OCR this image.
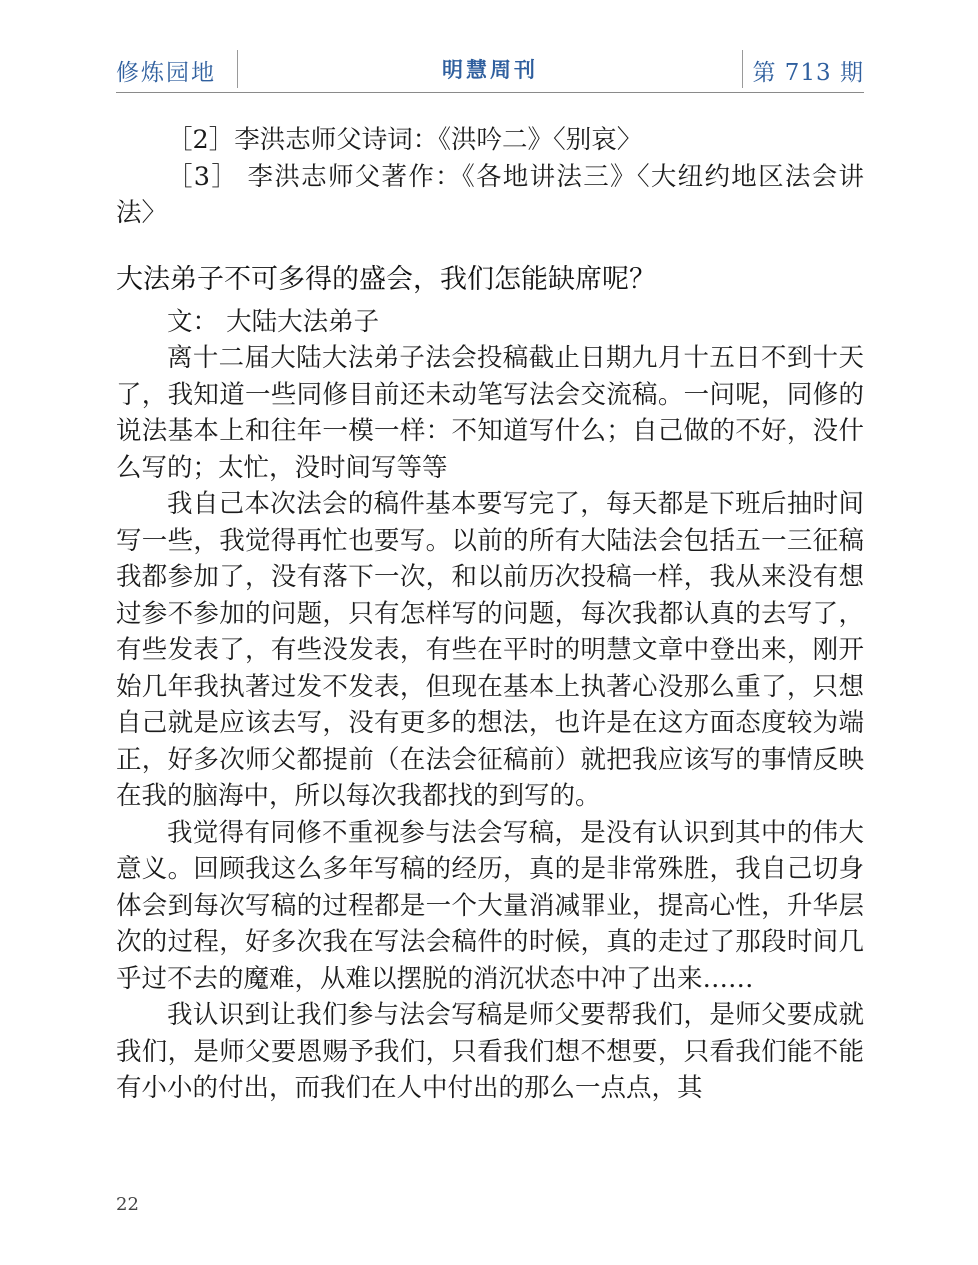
修炼园地	明慧周刊	第 713 期

［2］李洪志师父诗词：《洪吟二》〈别哀〉

［3］ 李洪志师父著作：《各地讲法三》〈大纽约地区法会讲法〉

大法弟子不可多得的盛会，我们怎能缺席呢？

文： 大陆大法弟子

离十二届大陆大法弟子法会投稿截止日期九月十五日不到十天了，我知道一些同修目前还未动笔写法会交流稿。一问呢，同修的说法基本上和往年一模一样：不知道写什么；自己做的不好，没什么写的；太忙，没时间写等等

我自己本次法会的稿件基本要写完了，每天都是下班后抽时间写一些，我觉得再忙也要写。以前的所有大陆法会包括五一三征稿我都参加了，没有落下一次，和以前历次投稿一样，我从来没有想过参不参加的问题，只有怎样写的问题，每次我都认真的去写了，有些发表了，有些没发表，有些在平时的明慧文章中登出来，刚开始几年我执著过发不发表，但现在基本上执著心没那么重了，只想自己就是应该去写，没有更多的想法，也许是在这方面态度较为端正，好多次师父都提前（在法会征稿前）就把我应该写的事情反映在我的脑海中，所以每次我都找的到写的。

我觉得有同修不重视参与法会写稿，是没有认识到其中的伟大意义。回顾我这么多年写稿的经历，真的是非常殊胜，我自己切身体会到每次写稿的过程都是一个大量消减罪业，提高心性，升华层次的过程，好多次我在写法会稿件的时候，真的走过了那段时间几乎过不去的魔难，从难以摆脱的消沉状态中冲了出来……

我认识到让我们参与法会写稿是师父要帮我们，是师父要成就我们，是师父要恩赐予我们，只看我们想不想要，只看我们能不能有小小的付出，而我们在人中付出的那么一点点，其

22
